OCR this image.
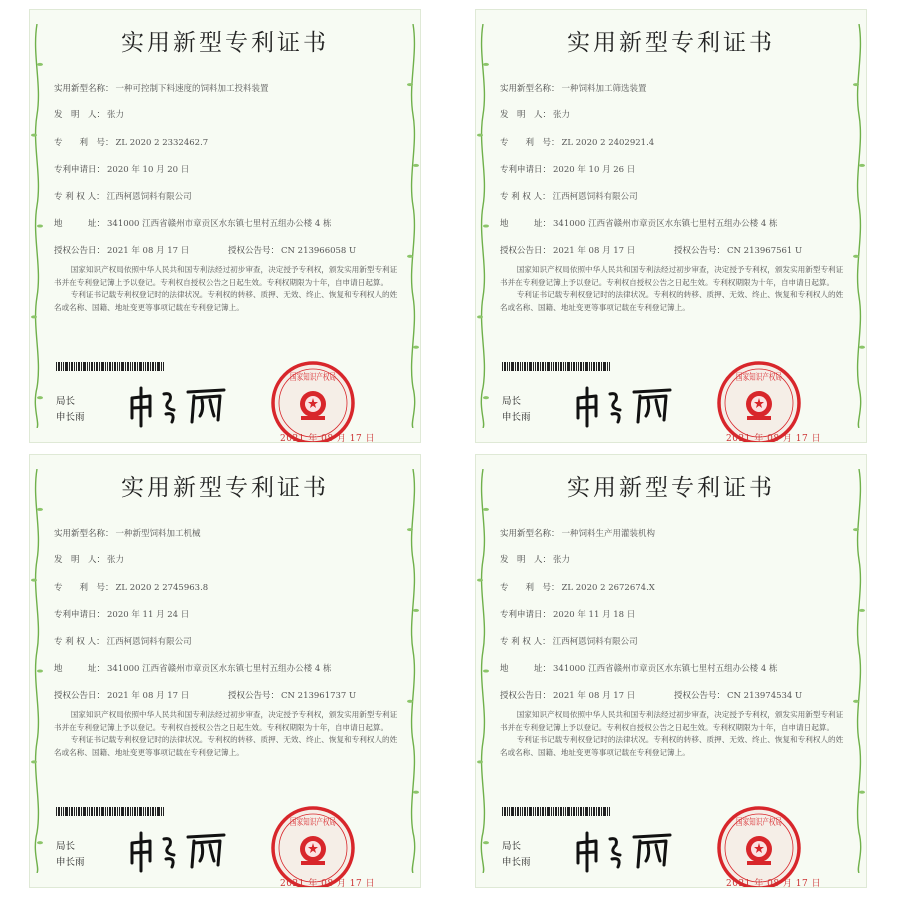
实用新型专利证书
实用新型名称： 一种可控制下料速度的饲料加工投料装置
发　明　人： 张力
专　　利　号： ZL 2020 2 2332462.7
专利申请日： 2020 年 10 月 20 日
专 利 权 人： 江西柯恩饲料有限公司
地　　　址： 341000 江西省赣州市章贡区水东镇七里村五组办公楼 4 栋
授权公告日： 2021 年 08 月 17 日	授权公告号： CN 213966058 U

国家知识产权局依照中华人民共和国专利法经过初步审查，决定授予专利权，颁发实用新型专利证书并在专利登记簿上予以登记。专利权自授权公告之日起生效。专利权期限为十年，自申请日起算。

专利证书记载专利权登记时的法律状况。专利权的转移、质押、无效、终止、恢复和专利权人的姓名或名称、国籍、地址变更等事项记载在专利登记簿上。

局长
申长雨
国家知识产权局
2021 年 08 月 17 日
实用新型专利证书
实用新型名称： 一种饲料加工筛选装置
发　明　人： 张力
专　　利　号： ZL 2020 2 2402921.4
专利申请日： 2020 年 10 月 26 日
专 利 权 人： 江西柯恩饲料有限公司
地　　　址： 341000 江西省赣州市章贡区水东镇七里村五组办公楼 4 栋
授权公告日： 2021 年 08 月 17 日	授权公告号： CN 213967561 U

国家知识产权局依照中华人民共和国专利法经过初步审查，决定授予专利权，颁发实用新型专利证书并在专利登记簿上予以登记。专利权自授权公告之日起生效。专利权期限为十年，自申请日起算。

专利证书记载专利权登记时的法律状况。专利权的转移、质押、无效、终止、恢复和专利权人的姓名或名称、国籍、地址变更等事项记载在专利登记簿上。

局长
申长雨
国家知识产权局
2021 年 08 月 17 日
实用新型专利证书
实用新型名称： 一种新型饲料加工机械
发　明　人： 张力
专　　利　号： ZL 2020 2 2745963.8
专利申请日： 2020 年 11 月 24 日
专 利 权 人： 江西柯恩饲料有限公司
地　　　址： 341000 江西省赣州市章贡区水东镇七里村五组办公楼 4 栋
授权公告日： 2021 年 08 月 17 日	授权公告号： CN 213961737 U

国家知识产权局依照中华人民共和国专利法经过初步审查，决定授予专利权，颁发实用新型专利证书并在专利登记簿上予以登记。专利权自授权公告之日起生效。专利权期限为十年，自申请日起算。

专利证书记载专利权登记时的法律状况。专利权的转移、质押、无效、终止、恢复和专利权人的姓名或名称、国籍、地址变更等事项记载在专利登记簿上。

局长
申长雨
国家知识产权局
2021 年 08 月 17 日
实用新型专利证书
实用新型名称： 一种饲料生产用灌装机构
发　明　人： 张力
专　　利　号： ZL 2020 2 2672674.X
专利申请日： 2020 年 11 月 18 日
专 利 权 人： 江西柯恩饲料有限公司
地　　　址： 341000 江西省赣州市章贡区水东镇七里村五组办公楼 4 栋
授权公告日： 2021 年 08 月 17 日	授权公告号： CN 213974534 U

国家知识产权局依照中华人民共和国专利法经过初步审查，决定授予专利权，颁发实用新型专利证书并在专利登记簿上予以登记。专利权自授权公告之日起生效。专利权期限为十年，自申请日起算。

专利证书记载专利权登记时的法律状况。专利权的转移、质押、无效、终止、恢复和专利权人的姓名或名称、国籍、地址变更等事项记载在专利登记簿上。

局长
申长雨
国家知识产权局
2021 年 08 月 17 日
